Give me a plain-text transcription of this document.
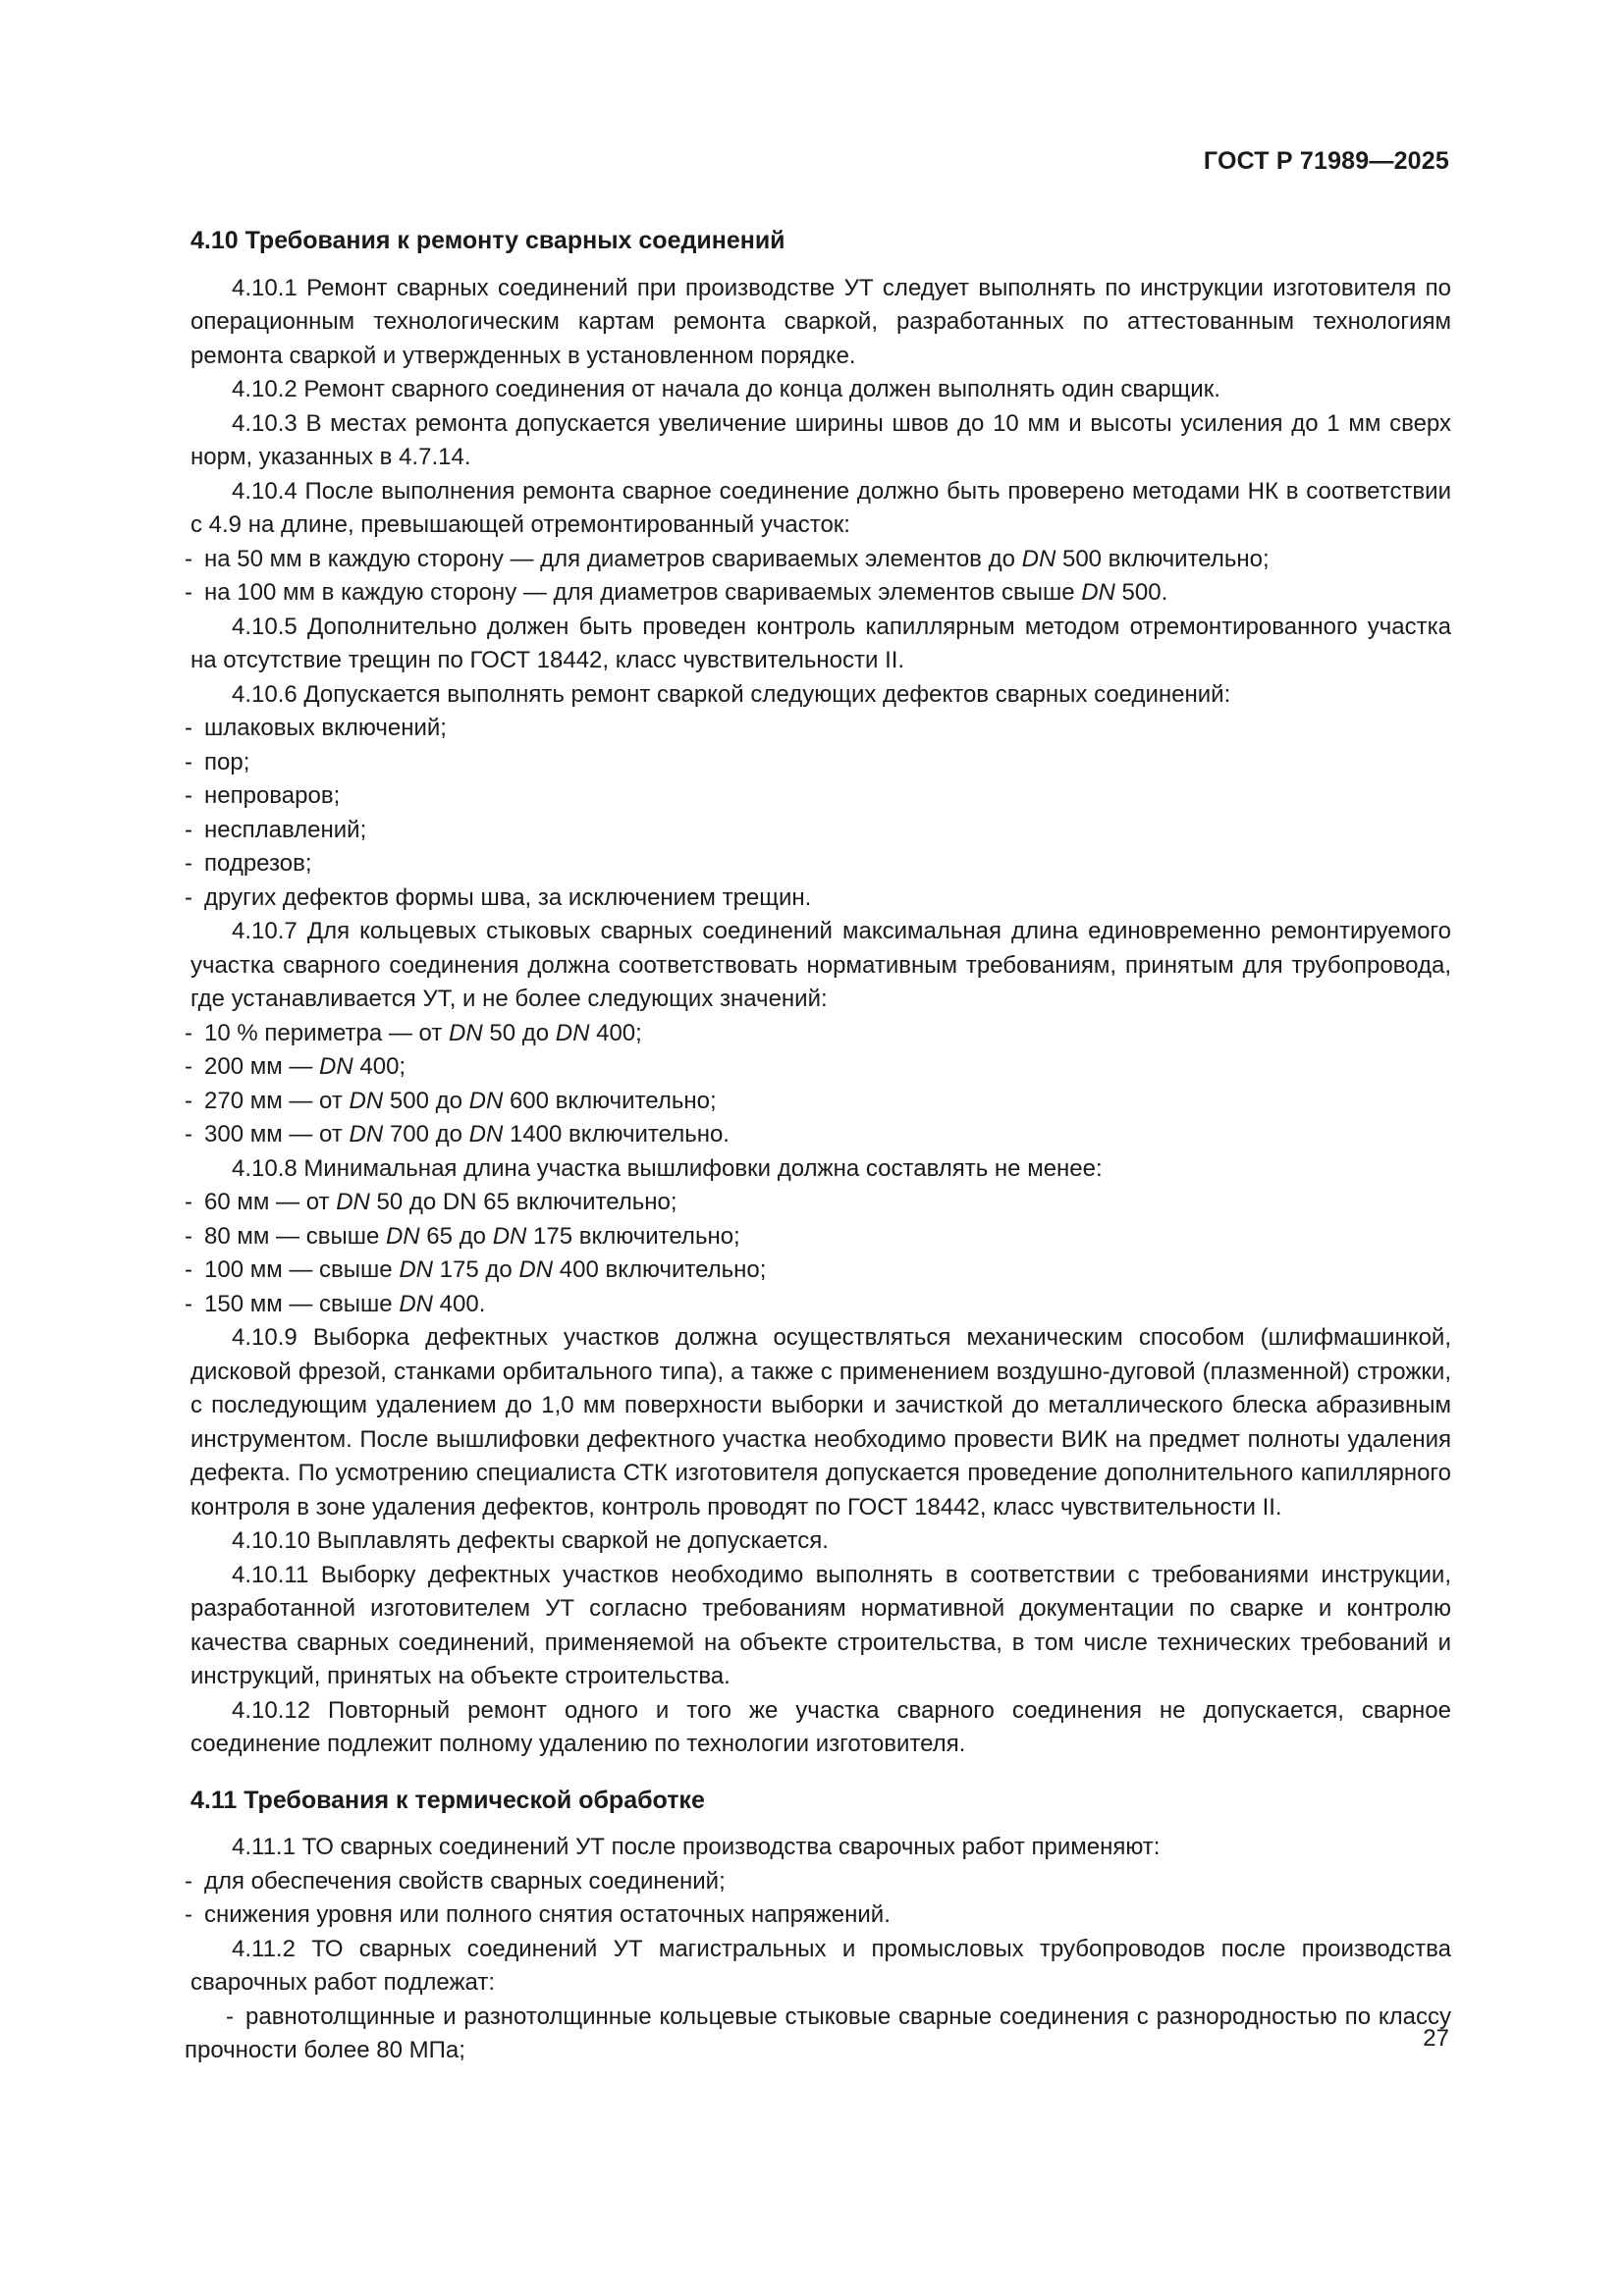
ГОСТ Р 71989—2025
4.10 Требования к ремонту сварных соединений

4.10.1 Ремонт сварных соединений при производстве УТ следует выполнять по инструкции изготовителя по операционным технологическим картам ремонта сваркой, разработанных по аттестованным технологиям ремонта сваркой и утвержденных в установленном порядке.

4.10.2 Ремонт сварного соединения от начала до конца должен выполнять один сварщик.

4.10.3 В местах ремонта допускается увеличение ширины швов до 10 мм и высоты усиления до 1 мм сверх норм, указанных в 4.7.14.

4.10.4 После выполнения ремонта сварное соединение должно быть проверено методами НК в соответствии с 4.9 на длине, превышающей отремонтированный участок:

- на 50 мм в каждую сторону — для диаметров свариваемых элементов до DN 500 включительно;
- на 100 мм в каждую сторону — для диаметров свариваемых элементов свыше DN 500.

4.10.5 Дополнительно должен быть проведен контроль капиллярным методом отремонтированного участка на отсутствие трещин по ГОСТ 18442, класс чувствительности II.

4.10.6 Допускается выполнять ремонт сваркой следующих дефектов сварных соединений:

- шлаковых включений;
- пор;
- непроваров;
- несплавлений;
- подрезов;
- других дефектов формы шва, за исключением трещин.

4.10.7 Для кольцевых стыковых сварных соединений максимальная длина единовременно ремонтируемого участка сварного соединения должна соответствовать нормативным требованиям, принятым для трубопровода, где устанавливается УТ, и не более следующих значений:

- 10 % периметра — от DN 50 до DN 400;
- 200 мм — DN 400;
- 270 мм — от DN 500 до DN 600 включительно;
- 300 мм — от DN 700 до DN 1400 включительно.

4.10.8 Минимальная длина участка вышлифовки должна составлять не менее:

- 60 мм — от DN 50 до DN 65 включительно;
- 80 мм — свыше DN 65 до DN 175 включительно;
- 100 мм — свыше DN 175 до DN 400 включительно;
- 150 мм — свыше DN 400.

4.10.9 Выборка дефектных участков должна осуществляться механическим способом (шлифмашинкой, дисковой фрезой, станками орбитального типа), а также с применением воздушно-дуговой (плазменной) строжки, с последующим удалением до 1,0 мм поверхности выборки и зачисткой до металлического блеска абразивным инструментом. После вышлифовки дефектного участка необходимо провести ВИК на предмет полноты удаления дефекта. По усмотрению специалиста СТК изготовителя допускается проведение дополнительного капиллярного контроля в зоне удаления дефектов, контроль проводят по ГОСТ 18442, класс чувствительности II.

4.10.10 Выплавлять дефекты сваркой не допускается.

4.10.11 Выборку дефектных участков необходимо выполнять в соответствии с требованиями инструкции, разработанной изготовителем УТ согласно требованиям нормативной документации по сварке и контролю качества сварных соединений, применяемой на объекте строительства, в том числе технических требований и инструкций, принятых на объекте строительства.

4.10.12 Повторный ремонт одного и того же участка сварного соединения не допускается, сварное соединение подлежит полному удалению по технологии изготовителя.

4.11 Требования к термической обработке

4.11.1 ТО сварных соединений УТ после производства сварочных работ применяют:

- для обеспечения свойств сварных соединений;
- снижения уровня или полного снятия остаточных напряжений.

4.11.2 ТО сварных соединений УТ магистральных и промысловых трубопроводов после производства сварочных работ подлежат:

- равнотолщинные и разнотолщинные кольцевые стыковые сварные соединения с разнородностью по классу прочности более 80 МПа;	27
